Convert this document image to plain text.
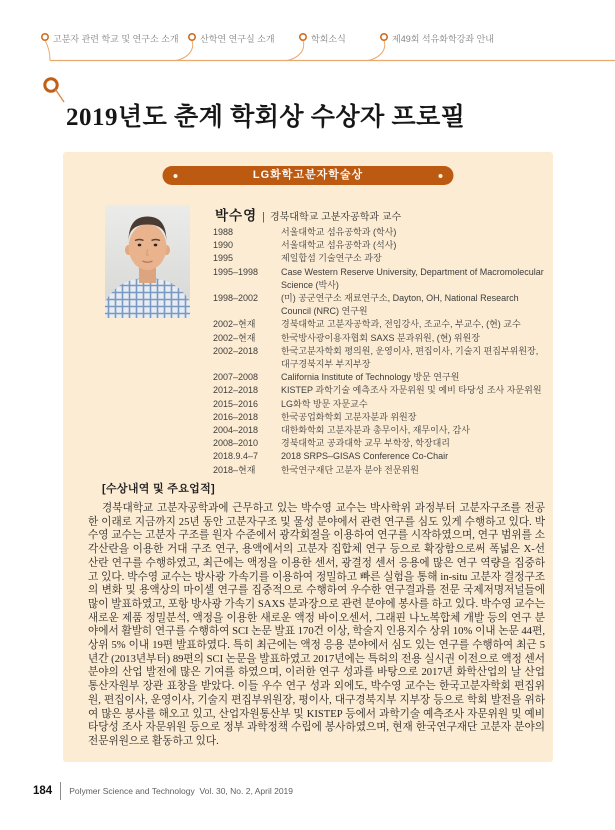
고분자 관련 학교 및 연구소 소개 산학연 연구실 소개	학회소식	제49회 석유화학강좌 안내
2019년도 춘계 학회상 수상자 프로필
LG화학고분자학술상
박수영 | 경북대학교 고분자공학과 교수
1988	서울대학교 섬유공학과 (학사)
1990	서울대학교 섬유공학과 (석사)
1995	제일합섬 기술연구소 과장
1995–1998	Case Western Reserve University, Department of Macromolecular Science (박사)
1998–2002	(미) 공군연구소 재료연구소, Dayton, OH, National Research Council (NRC) 연구원
2002–현재	경북대학교 고분자공학과, 전임강사, 조교수, 부교수, (현) 교수
2002–현재	한국방사광이용자협회 SAXS 분과위원, (현) 위원장
2002–2018	한국고분자학회 평의원, 운영이사, 편집이사, 기술지 편집부위원장, 대구경북지부 부지부장
2007–2008	California Institute of Technology 방문 연구원
2012–2018	KISTEP 과학기술 예측조사 자문위원 및 예비 타당성 조사 자문위원
2015–2016	LG화학 방문 자문교수
2016–2018	한국공업화학회 고분자분과 위원장
2004–2018	대한화학회 고분자분과 총무이사, 재무이사, 감사
2008–2010	경북대학교 공과대학 교무 부학장, 학장대리
2018.9.4–7	2018 SRPS–GISAS Conference Co-Chair
2018–현재	한국연구재단 고분자 분야 전문위원
[수상내역 및 주요업적]
경북대학교 고분자공학과에 근무하고 있는 박수영 교수는 박사학위 과정부터 고분자구조를 전공한 이래로 지금까지 25년 동안 고분자구조 및 물성 분야에서 관련 연구를 심도 있게 수행하고 있다. 박수영 교수는 고분자 구조를 원자 수준에서 광각회절을 이용하여 연구를 시작하였으며, 연구 범위를 소각산란을 이용한 거대 구조 연구, 용액에서의 고분자 집합체 연구 등으로 확장함으로써 폭넓은 X-선 산란 연구를 수행하였고, 최근에는 액정을 이용한 센서, 광결정 센서 응용에 많은 연구 역량을 집중하고 있다. 박수영 교수는 방사광 가속기를 이용하여 정밀하고 빠른 실험을 통해 in-situ 고분자 결정구조의 변화 및 용액상의 마이셀 연구를 집중적으로 수행하여 우수한 연구결과를 전문 국제저명저널들에 많이 발표하였고, 포항 방사광 가속기 SAXS 분과장으로 관련 분야에 봉사를 하고 있다. 박수영 교수는 새로운 제품 정밀분석, 액정을 이용한 새로운 액정 바이오센서, 그래핀 나노복합체 개발 등의 연구 분야에서 활발히 연구를 수행하여 SCI 논문 발표 170건 이상, 학술지 인용지수 상위 10% 이내 논문 44편, 상위 5% 이내 19편 발표하였다. 특히 최근에는 액정 응용 분야에서 심도 있는 연구를 수행하여 최근 5년간 (2013년부터) 89편의 SCI 논문을 발표하였고 2017년에는 특허의 전용 실시권 이전으로 액정 센서분야의 산업 발전에 많은 기여를 하였으며, 이러한 연구 성과를 바탕으로 2017년 화학산업의 날 산업통산자원부 장관 표창을 받았다. 이들 우수 연구 성과 외에도, 박수영 교수는 한국고분자학회 편집위원, 편집이사, 운영이사, 기술지 편집부위원장, 평이사, 대구경북지부 지부장 등으로 학회 발전을 위하여 많은 봉사를 해오고 있고, 산업자원통산부 및 KISTEP 등에서 과학기술 예측조사 자문위원 및 예비 타당성 조사 자문위원 등으로 정부 과학정책 수립에 봉사하였으며, 현재 한국연구재단 고분자 분야의 전문위원으로 활동하고 있다.
184 Polymer Science and Technology  Vol. 30, No. 2, April 2019
